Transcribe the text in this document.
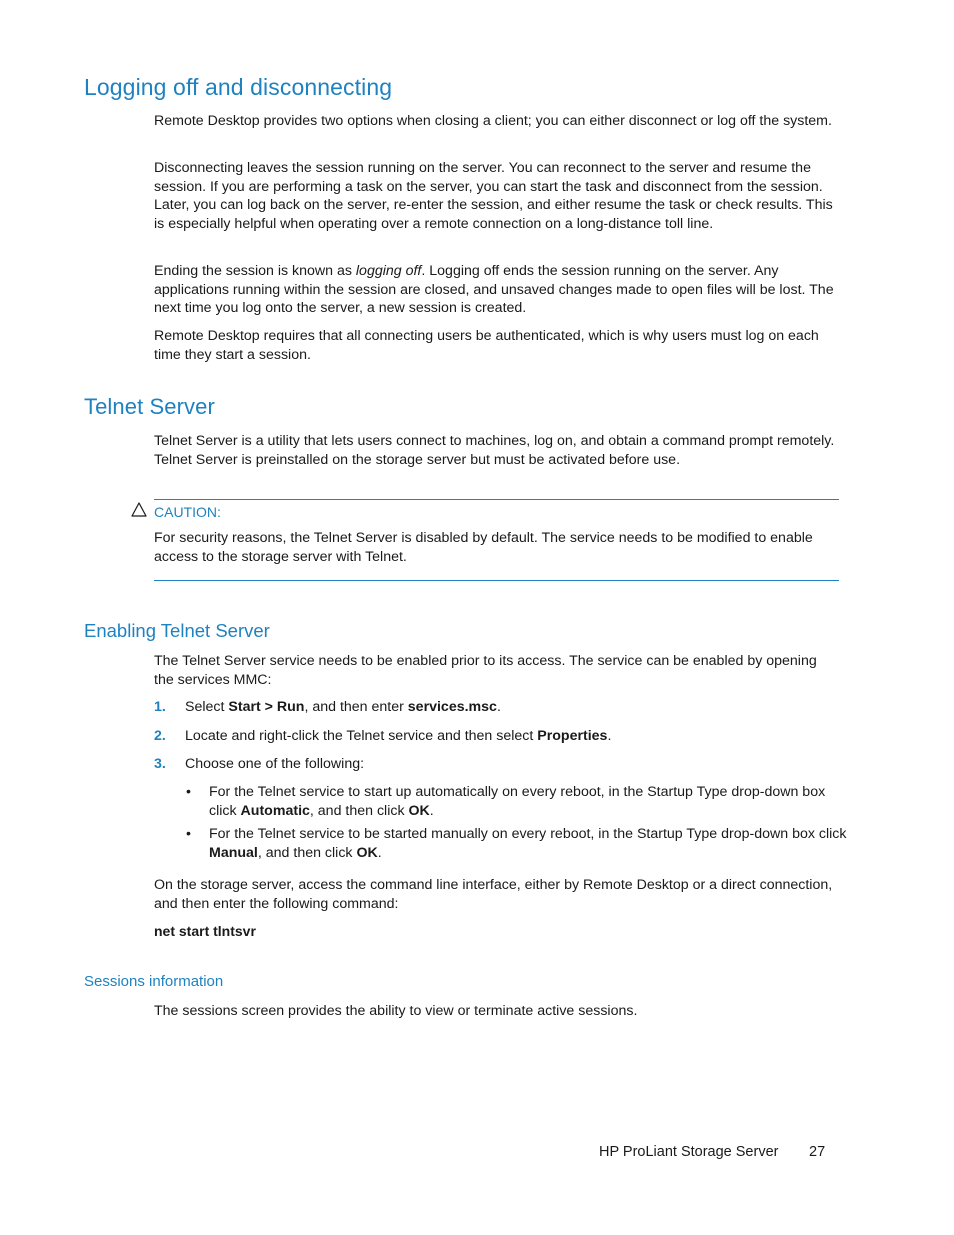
Logging off and disconnecting

Remote Desktop provides two options when closing a client; you can either disconnect or log off the system.

Disconnecting leaves the session running on the server. You can reconnect to the server and resume the session. If you are performing a task on the server, you can start the task and disconnect from the session. Later, you can log back on the server, re-enter the session, and either resume the task or check results. This is especially helpful when operating over a remote connection on a long-distance toll line.

Ending the session is known as logging off. Logging off ends the session running on the server. Any applications running within the session are closed, and unsaved changes made to open files will be lost. The next time you log onto the server, a new session is created.

Remote Desktop requires that all connecting users be authenticated, which is why users must log on each time they start a session.

Telnet Server

Telnet Server is a utility that lets users connect to machines, log on, and obtain a command prompt remotely. Telnet Server is preinstalled on the storage server but must be activated before use.

CAUTION:

For security reasons, the Telnet Server is disabled by default. The service needs to be modified to enable access to the storage server with Telnet.

Enabling Telnet Server

The Telnet Server service needs to be enabled prior to its access. The service can be enabled by opening the services MMC:

1. Select Start > Run, and then enter services.msc.
2. Locate and right-click the Telnet service and then select Properties.
3. Choose one of the following:
• For the Telnet service to start up automatically on every reboot, in the Startup Type drop-down box click Automatic, and then click OK.
• For the Telnet service to be started manually on every reboot, in the Startup Type drop-down box click Manual, and then click OK.

On the storage server, access the command line interface, either by Remote Desktop or a direct connection, and then enter the following command:

net start tlntsvr
Sessions information

The sessions screen provides the ability to view or terminate active sessions.

HP ProLiant Storage Server 27
